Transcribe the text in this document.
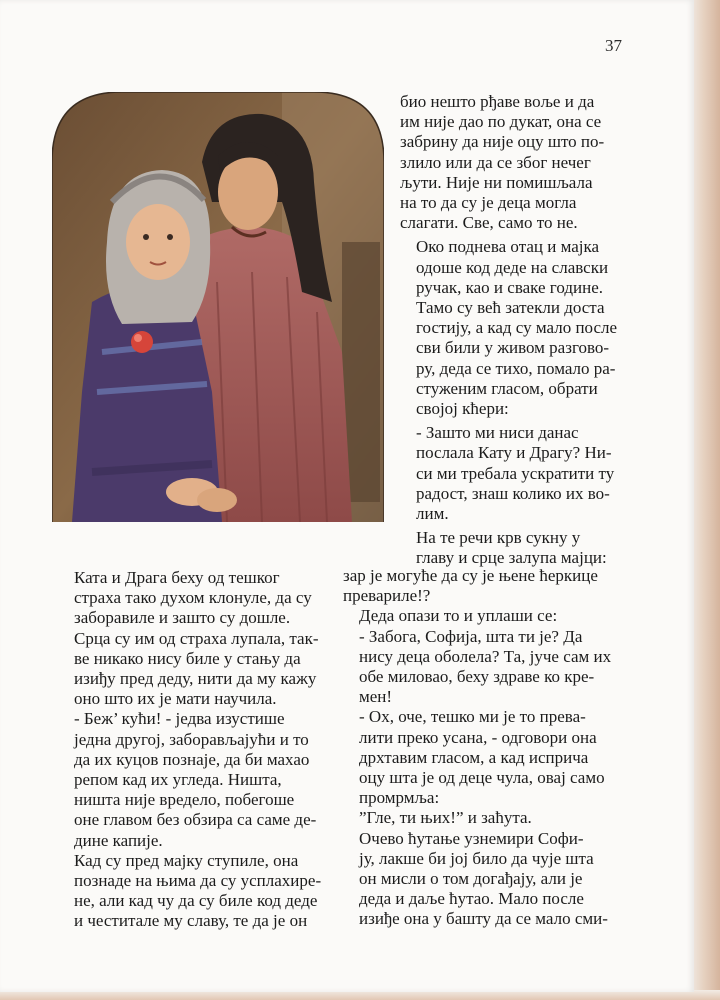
37

био нешто рђаве воље и да
им није дао по дукат, она се
забрину да није оцу што по-
злило или да се због нечег
љути. Није ни помишљала
на то да су је деца могла
слагати. Све, само то не.

Око поднева отац и мајка
одоше код деде на славски
ручак, као и сваке године.
Тамо су већ затекли доста
гостију, а кад су мало после
сви били у живом разгово-
ру, деда се тихо, помало ра-
стуженим гласом, обрати
својој кћери:

- Зашто ми ниси данас
послала Кату и Драгу? Ни-
си ми требала ускратити ту
радост, знаш колико их во-
лим.

На те речи крв сукну у
главу и срце залупа мајци:

зар је могуће да су је њене ћеркице
превариле!?

Деда опази то и уплаши се:

- Забога, Софија, шта ти је? Да
нису деца оболела? Та, јуче сам их
обе миловао, беху здраве ко кре-
мен!

- Ох, оче, тешко ми је то прева-
лити преко усана, - одговори она
дрхтавим гласом, а кад исприча
оцу шта је од деце чула, овај само
промрмља:

”Гле, ти њих!” и заћута.

Очево ћутање узнемири Софи-
ју, лакше би јој било да чује шта
он мисли о том догађају, али је
деда и даље ћутао. Мало после
изиђе она у башту да се мало сми-

Ката и Драга беху од тешког
страха тако духом клонуле, да су
заборавиле и зашто су дошле.
Срца су им од страха лупала, так-
ве никако нису биле у стању да
изиђу пред деду, нити да му кажу
оно што их је мати научила.

- Беж’ кући! - једва изустише
једна другој, заборављајући и то
да их куцов познаје, да би махао
репом кад их угледа. Ништа,
ништа није вредело, побегоше
оне главом без обзира са саме де-
дине капије.

Кад су пред мајку ступиле, она
познаде на њима да су усплахире-
не, али кад чу да су биле код деде
и честитале му славу, те да је он
